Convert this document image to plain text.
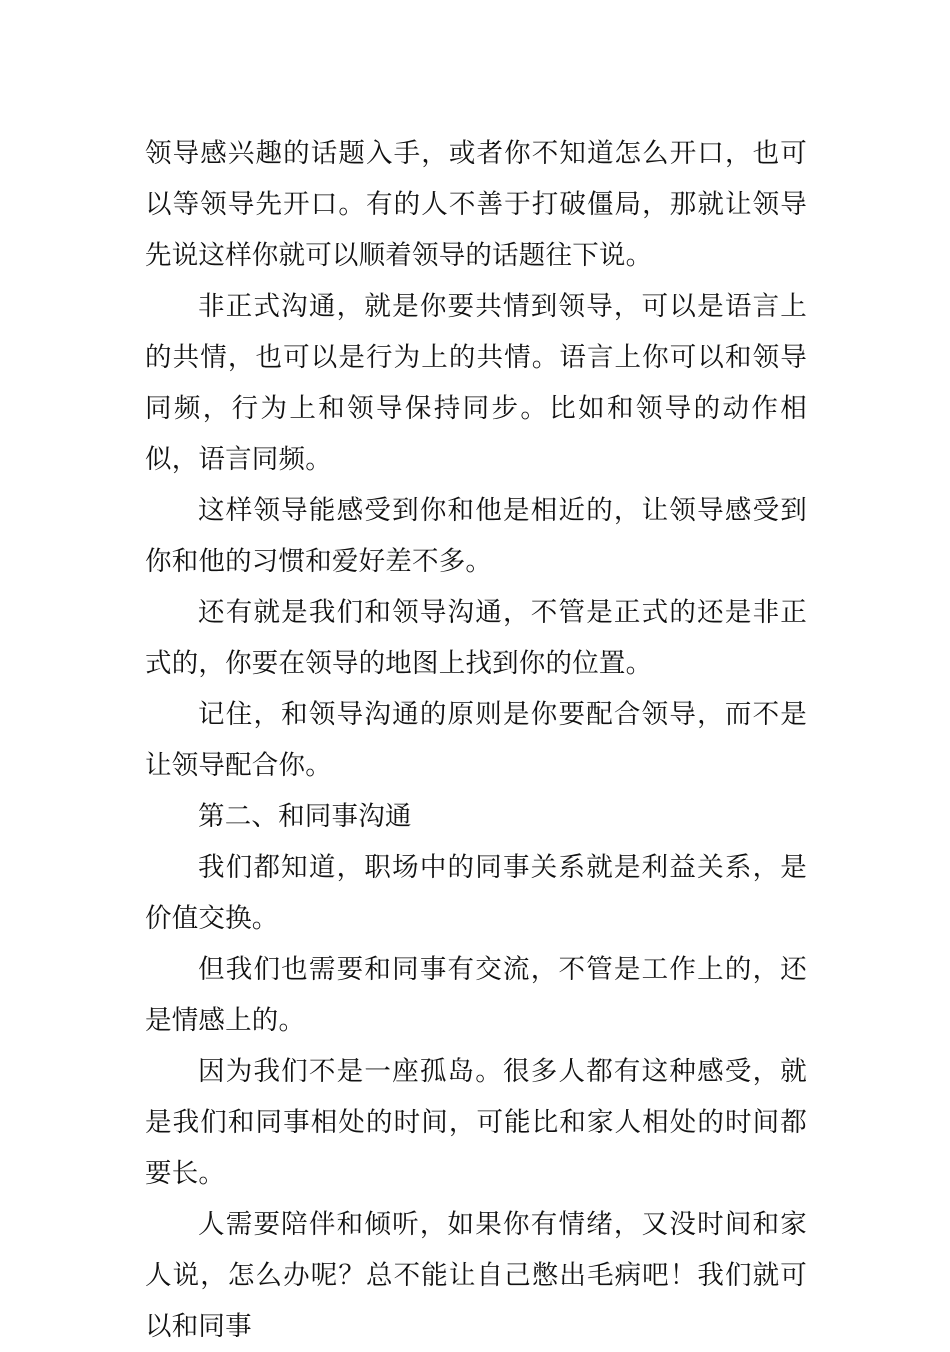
领导感兴趣的话题入手，或者你不知道怎么开口，也可以等领导先开口。有的人不善于打破僵局，那就让领导先说这样你就可以顺着领导的话题往下说。

非正式沟通，就是你要共情到领导，可以是语言上的共情，也可以是行为上的共情。语言上你可以和领导同频，行为上和领导保持同步。比如和领导的动作相似，语言同频。

这样领导能感受到你和他是相近的，让领导感受到你和他的习惯和爱好差不多。

还有就是我们和领导沟通，不管是正式的还是非正式的，你要在领导的地图上找到你的位置。

记住，和领导沟通的原则是你要配合领导，而不是让领导配合你。

第二、和同事沟通

我们都知道，职场中的同事关系就是利益关系，是价值交换。

但我们也需要和同事有交流，不管是工作上的，还是情感上的。

因为我们不是一座孤岛。很多人都有这种感受，就是我们和同事相处的时间，可能比和家人相处的时间都要长。

人需要陪伴和倾听，如果你有情绪，又没时间和家人说，怎么办呢？总不能让自己憋出毛病吧！我们就可以和同事
